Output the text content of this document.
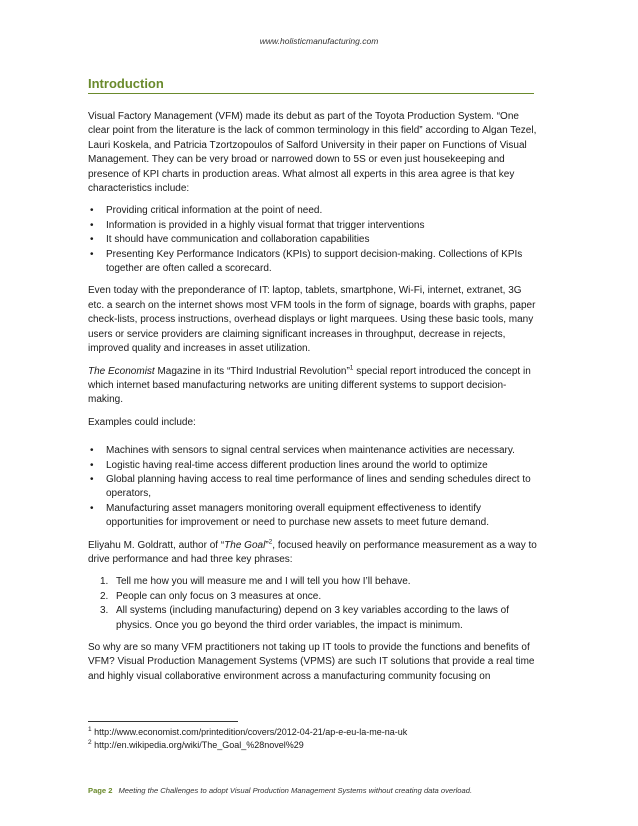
www.holisticmanufacturing.com
Introduction

Visual Factory Management (VFM) made its debut as part of the Toyota Production System. “One clear point from the literature is the lack of common terminology in this field” according to Algan Tezel, Lauri Koskela, and Patricia Tzortzopoulos of Salford University in their paper on Functions of Visual Management. They can be very broad or narrowed down to 5S or even just housekeeping and presence of KPI charts in production areas. What almost all experts in this area agree is that key characteristics include:

• Providing critical information at the point of need.
• Information is provided in a highly visual format that trigger interventions
• It should have communication and collaboration capabilities
• Presenting Key Performance Indicators (KPIs) to support decision-making. Collections of KPIs together are often called a scorecard.

Even today with the preponderance of IT: laptop, tablets, smartphone, Wi-Fi, internet, extranet, 3G etc. a search on the internet shows most VFM tools in the form of signage, boards with graphs, paper check-lists, process instructions, overhead displays or light marquees. Using these basic tools, many users or service providers are claiming significant increases in throughput, decrease in rejects, improved quality and increases in asset utilization.

The Economist Magazine in its “Third Industrial Revolution”$^1$ special report introduced the concept in which internet based manufacturing networks are uniting different systems to support decision-making.

Examples could include:

• Machines with sensors to signal central services when maintenance activities are necessary.
• Logistic having real-time access different production lines around the world to optimize
• Global planning having access to real time performance of lines and sending schedules direct to operators,
• Manufacturing asset managers monitoring overall equipment effectiveness to identify opportunities for improvement or need to purchase new assets to meet future demand.

Eliyahu M. Goldratt, author of “The Goal”$^2$, focused heavily on performance measurement as a way to drive performance and had three key phrases:

1. Tell me how you will measure me and I will tell you how I’ll behave.
2. People can only focus on 3 measures at once.
3. All systems (including manufacturing) depend on 3 key variables according to the laws of physics. Once you go beyond the third order variables, the impact is minimum.

So why are so many VFM practitioners not taking up IT tools to provide the functions and benefits of VFM? Visual Production Management Systems (VPMS) are such IT solutions that provide a real time and highly visual collaborative environment across a manufacturing community focusing on

$^1$ http://www.economist.com/printedition/covers/2012-04-21/ap-e-eu-la-me-na-uk
$^2$ http://en.wikipedia.org/wiki/The_Goal_%28novel%29
Page 2 Meeting the Challenges to adopt Visual Production Management Systems without creating data overload.
